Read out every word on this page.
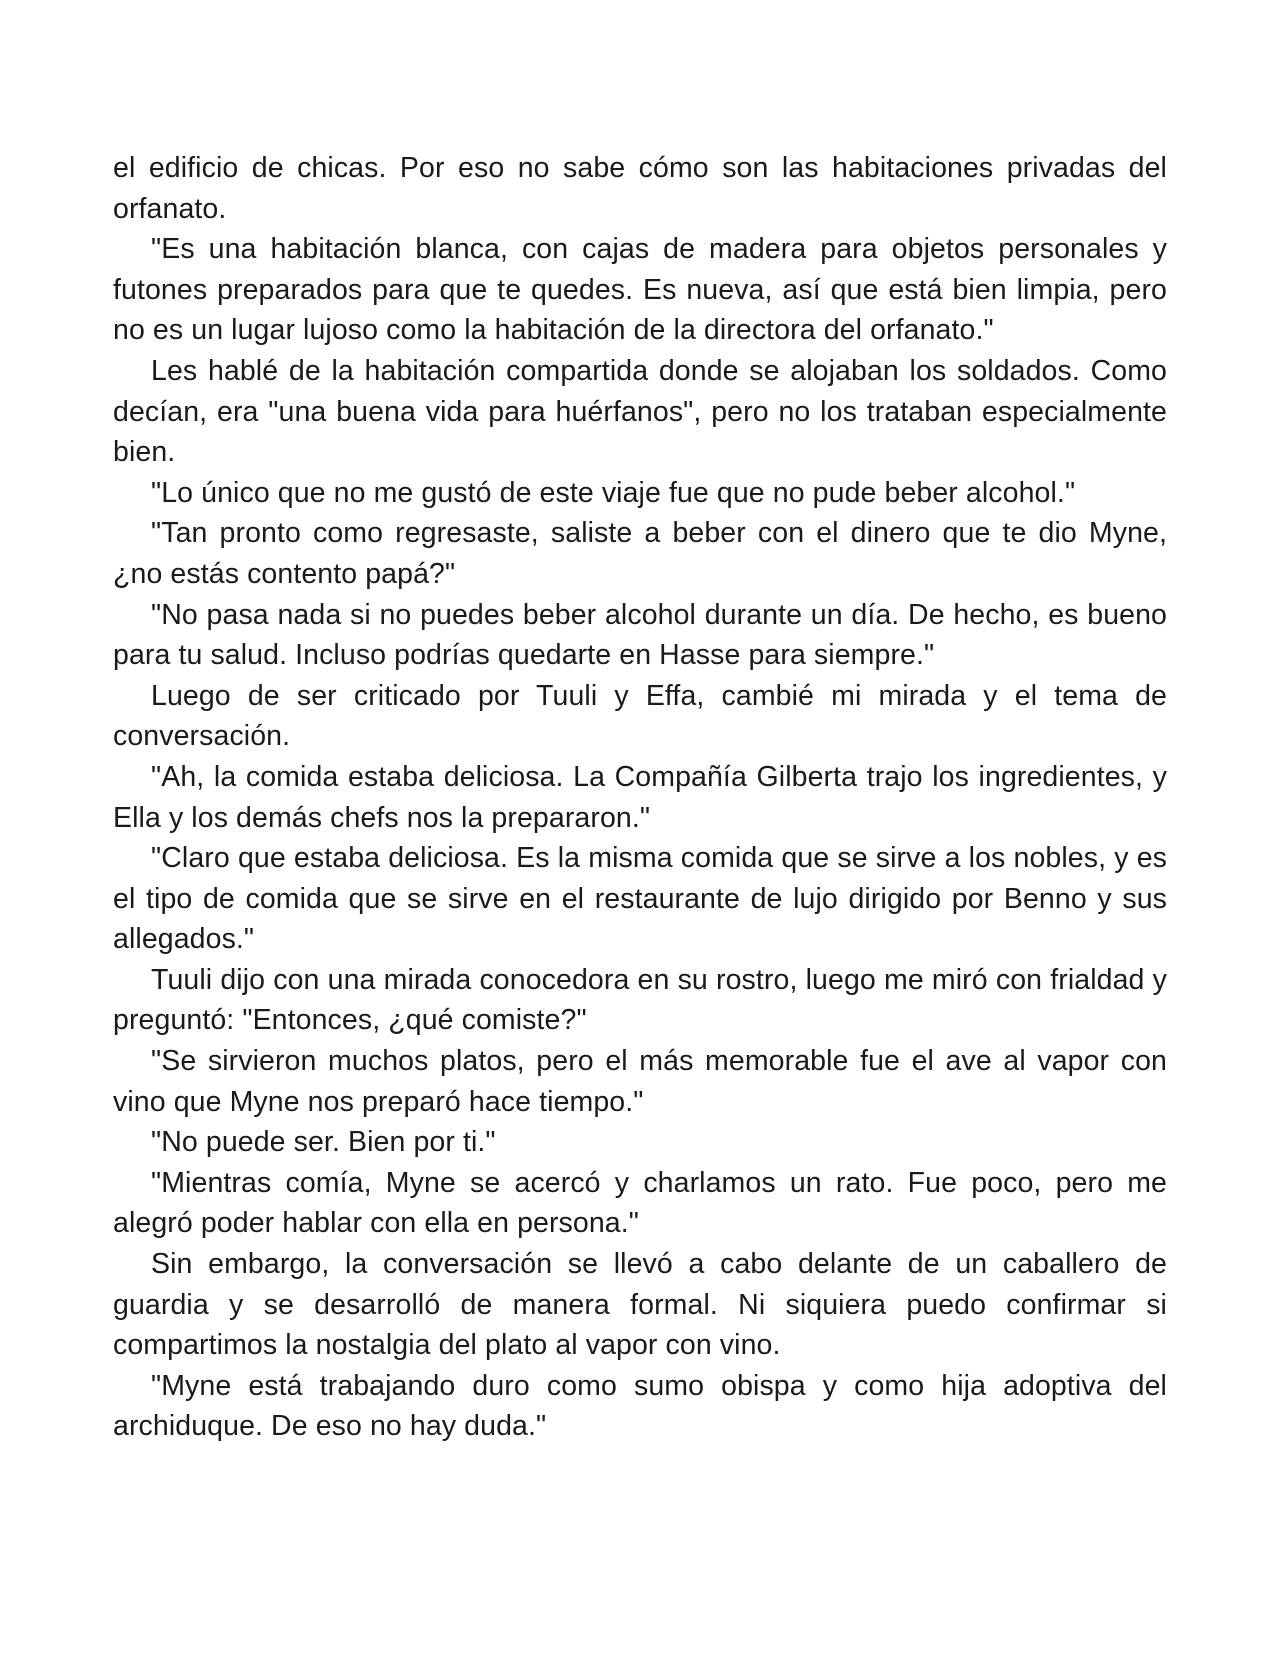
el edificio de chicas. Por eso no sabe cómo son las habitaciones privadas del orfanato.

"Es una habitación blanca, con cajas de madera para objetos personales y futones preparados para que te quedes. Es nueva, así que está bien limpia, pero no es un lugar lujoso como la habitación de la directora del orfanato."

Les hablé de la habitación compartida donde se alojaban los soldados. Como decían, era "una buena vida para huérfanos", pero no los trataban especialmente bien.

"Lo único que no me gustó de este viaje fue que no pude beber alcohol."

"Tan pronto como regresaste, saliste a beber con el dinero que te dio Myne, ¿no estás contento papá?"

"No pasa nada si no puedes beber alcohol durante un día. De hecho, es bueno para tu salud. Incluso podrías quedarte en Hasse para siempre."

Luego de ser criticado por Tuuli y Effa, cambié mi mirada y el tema de conversación.

"Ah, la comida estaba deliciosa. La Compañía Gilberta trajo los ingredientes, y Ella y los demás chefs nos la prepararon."

"Claro que estaba deliciosa. Es la misma comida que se sirve a los nobles, y es el tipo de comida que se sirve en el restaurante de lujo dirigido por Benno y sus allegados."

Tuuli dijo con una mirada conocedora en su rostro, luego me miró con frialdad y preguntó: "Entonces, ¿qué comiste?"

"Se sirvieron muchos platos, pero el más memorable fue el ave al vapor con vino que Myne nos preparó hace tiempo."

"No puede ser. Bien por ti."

"Mientras comía, Myne se acercó y charlamos un rato. Fue poco, pero me alegró poder hablar con ella en persona."

Sin embargo, la conversación se llevó a cabo delante de un caballero de guardia y se desarrolló de manera formal. Ni siquiera puedo confirmar si compartimos la nostalgia del plato al vapor con vino.

"Myne está trabajando duro como sumo obispa y como hija adoptiva del archiduque. De eso no hay duda."
